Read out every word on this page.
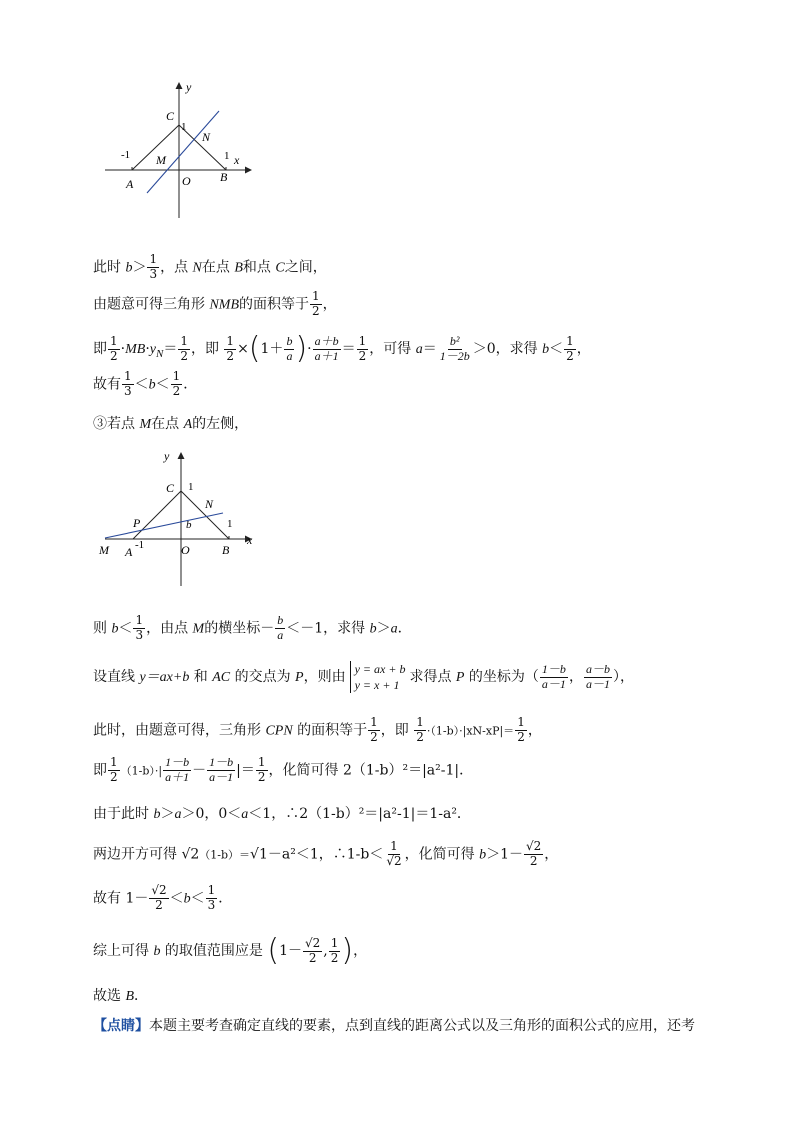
y
x
C
1
N
-1 M	1
A	O B
此时 $b> \frac{1}{3}$ ，点 N在点 B和点 C之间，
由题意可得三角形 NMB的面积等于 $\frac{1}{2}$ ，
即 $\frac{1}{2} \cdot MB\cdot y_N= \frac{1}{2}$ ，即 $\frac{1}{2} \times(1+ \frac{b}{a}$ )· $\frac{a+b}{a+1} = \frac{1}{2}$ ，可得 $a= \frac{\text{b²}}{1-2b} >0$，求得 $b< \frac{1}{2}$ ，
故有 $\frac{1}{3} <b< \frac{1}{2}$ ．
③若点 M在点 A的左侧，
y
x
C 1
N
P	b	1
M A -1	O	B
则 $b< \frac{1}{3}$ ，由点 M的横坐标－ $\frac{b}{a} <-1$，求得 b＞a．
设直线 y＝ax+b 和 AC 的交点为 P，则由
y = ax + b
y = x + 1 求得点 P 的坐标为（ $\frac{1-b}{a-1}$ ， $\frac{a-b}{a-1}$ ），
此时，由题意可得，三角形 CPN 的面积等于 $\frac{1}{2}$ ，即 $\frac{1}{2} \cdot(1-b)\cdot|xN-xP|= \frac{1}{2}$ ，
即 $\frac{1}{2} (1-b)\cdot| \frac{1-b}{a+1} - \frac{1-b}{a-1}$ |＝ $\frac{1}{2}$ ，化简可得 2（1-b）²＝|a²-1|．
由于此时 b＞a＞0，0＜a＜1，∴2（1-b）²＝|a²-1|＝1-a²．
两边开方可得 √2（1-b）＝√1－a²＜1，∴1-b＜ $\frac{1}{√2}$ ，化简可得 $b>1- \frac{√2}{2}$ ，
故有 $1- \frac{√2}{2} <b< \frac{1}{3}$ ．
综上可得 b 的取值范围应是 ($1- \frac{√2}{2}$ , $\frac{1}{2}$ )，
故选 B．
【点睛】本题主要考查确定直线的要素，点到直线的距离公式以及三角形的面积公式的应用，还考
